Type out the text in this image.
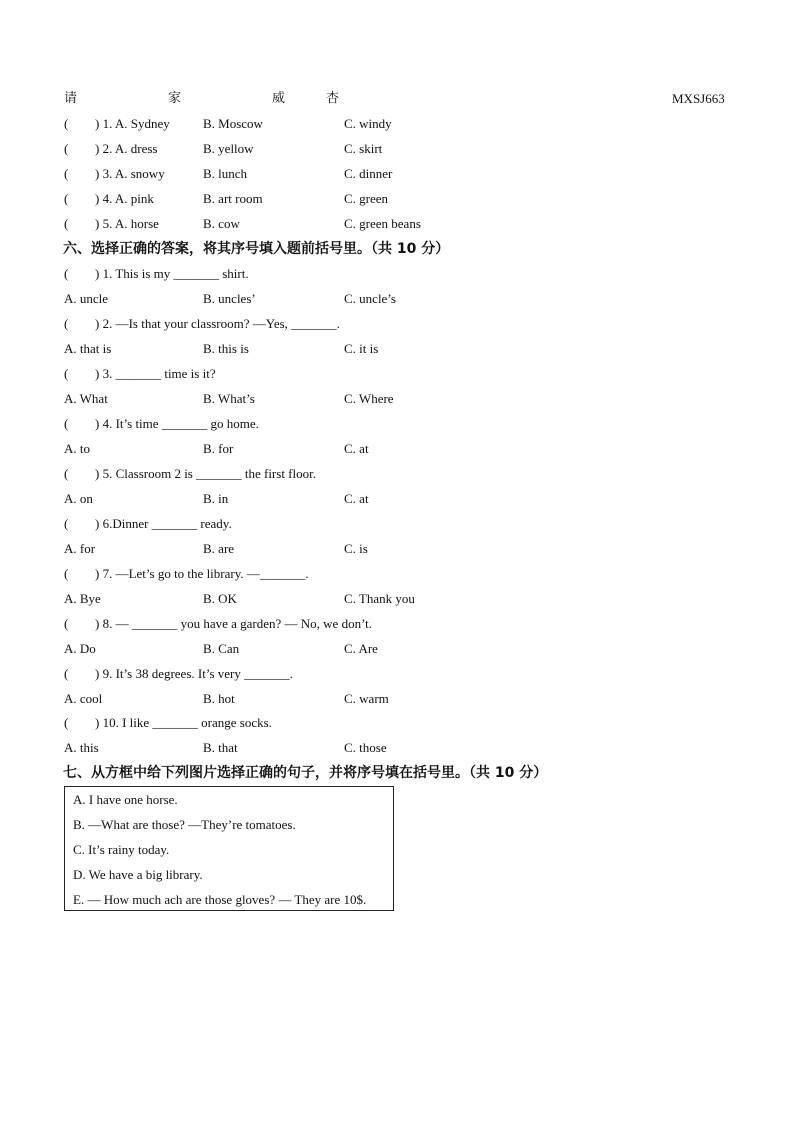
请	家	威	杏	MXSJ663
( ) 1. A. Sydney	B. Moscow	C. windy
( ) 2. A. dress	B. yellow	C. skirt
( ) 3. A. snowy	B. lunch	C. dinner
( ) 4. A. pink	B. art room	C. green
( ) 5. A. horse	B. cow	C. green beans
六、选择正确的答案，将其序号填入题前括号里。（共 10 分）
( ) 1. This is my _______ shirt.
A. uncle	B. uncles’	C. uncle’s
( ) 2. —Is that your classroom? —Yes, _______.
A. that is	B. this is	C. it is
( ) 3. _______ time is it?
A. What	B. What’s	C. Where
( ) 4. It’s time _______ go home.
A. to	B. for	C. at
( ) 5. Classroom 2 is _______ the first floor.
A. on	B. in	C. at
( ) 6.Dinner _______ ready.
A. for	B. are	C. is
( ) 7. —Let’s go to the library. —_______.
A. Bye	B. OK	C. Thank you
( ) 8. — _______ you have a garden? — No, we don’t.
A. Do	B. Can	C. Are
( ) 9. It’s 38 degrees. It’s very _______.
A. cool	B. hot	C. warm
( ) 10. I like _______ orange socks.
A. this	B. that	C. those
七、从方框中给下列图片选择正确的句子，并将序号填在括号里。（共 10 分）
A. I have one horse.
B. —What are those? —They’re tomatoes.
C. It’s rainy today.
D. We have a big library.
E. — How much ach are those gloves? — They are 10$.
